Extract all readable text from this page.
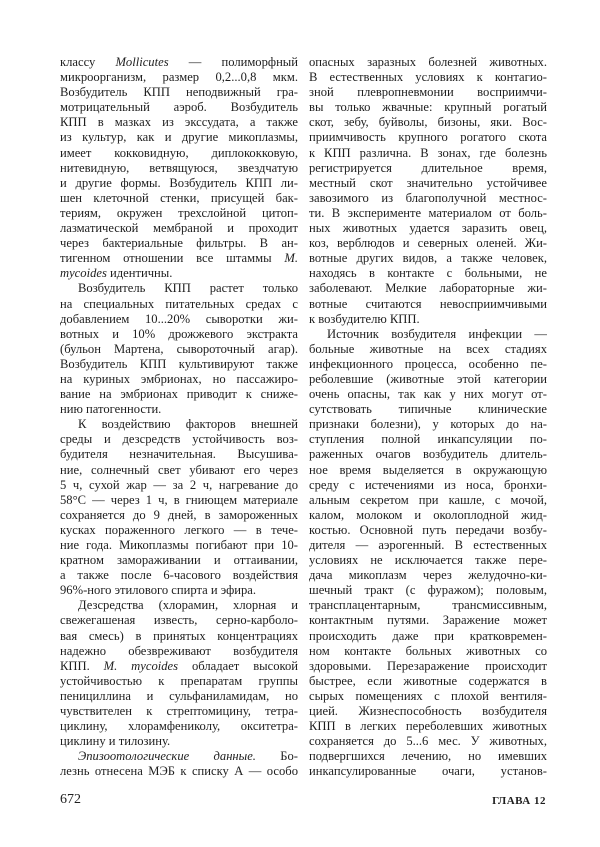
классу Mollicutes — полиморфный
микроорганизм, размер 0,2...0,8 мкм.
Возбудитель КПП неподвижный гра-
мотрицательный аэроб. Возбудитель
КПП в мазках из экссудата, а также
из культур, как и другие микоплазмы,
имеет кокковидную, диплококковую,
нитевидную, ветвящуюся, звездчатую
и другие формы. Возбудитель КПП ли-
шен клеточной стенки, присущей бак-
териям, окружен трехслойной цитоп-
лазматической мембраной и проходит
через бактериальные фильтры. В ан-
тигенном отношении все штаммы M.
mycoides идентичны.
Возбудитель КПП растет только
на специальных питательных средах с
добавлением 10...20% сыворотки жи-
вотных и 10% дрожжевого экстракта
(бульон Мартена, сывороточный агар).
Возбудитель КПП культивируют также
на куриных эмбрионах, но пассажиро-
вание на эмбрионах приводит к сниже-
нию патогенности.
К воздействию факторов внешней
среды и дезсредств устойчивость воз-
будителя незначительная. Высушива-
ние, солнечный свет убивают его через
5 ч, сухой жар — за 2 ч, нагревание до
58°С — через 1 ч, в гниющем материале
сохраняется до 9 дней, в замороженных
кусках пораженного легкого — в тече-
ние года. Микоплазмы погибают при 10-
кратном замораживании и оттаивании,
а также после 6-часового воздействия
96%-ного этилового спирта и эфира.
Дезсредства (хлорамин, хлорная и
свежегашеная известь, серно-карболо-
вая смесь) в принятых концентрациях
надежно обезвреживают возбудителя
КПП. M. mycoides обладает высокой
устойчивостью к препаратам группы
пенициллина и сульфаниламидам, но
чувствителен к стрептомицину, тетра-
циклину, хлорамфениколу, окситетра-
циклину и тилозину.
Эпизоотологические данные. Бо-
лезнь отнесена МЭБ к списку А — особо
опасных заразных болезней животных.
В естественных условиях к контагио-
зной плевропневмонии восприимчи-
вы только жвачные: крупный рогатый
скот, зебу, буйволы, бизоны, яки. Вос-
приимчивость крупного рогатого скота
к КПП различна. В зонах, где болезнь
регистрируется длительное время,
местный скот значительно устойчивее
завозимого из благополучной местнос-
ти. В эксперименте материалом от боль-
ных животных удается заразить овец,
коз, верблюдов и северных оленей. Жи-
вотные других видов, а также человек,
находясь в контакте с больными, не
заболевают. Мелкие лабораторные жи-
вотные считаются невосприимчивыми
к возбудителю КПП.
Источник возбудителя инфекции —
больные животные на всех стадиях
инфекционного процесса, особенно пе-
реболевшие (животные этой категории
очень опасны, так как у них могут от-
сутствовать типичные клинические
признаки болезни), у которых до на-
ступления полной инкапсуляции по-
раженных очагов возбудитель длитель-
ное время выделяется в окружающую
среду с истечениями из носа, бронхи-
альным секретом при кашле, с мочой,
калом, молоком и околоплодной жид-
костью. Основной путь передачи возбу-
дителя — аэрогенный. В естественных
условиях не исключается также пере-
дача микоплазм через желудочно-ки-
шечный тракт (с фуражом); половым,
трансплацентарным, трансмиссивным,
контактным путями. Заражение может
происходить даже при кратковремен-
ном контакте больных животных со
здоровыми. Перезаражение происходит
быстрее, если животные содержатся в
сырых помещениях с плохой вентиля-
цией. Жизнеспособность возбудителя
КПП в легких переболевших животных
сохраняется до 5...6 мес. У животных,
подвергшихся лечению, но имевших
инкапсулированные очаги, установ-
672	ГЛАВА 12
